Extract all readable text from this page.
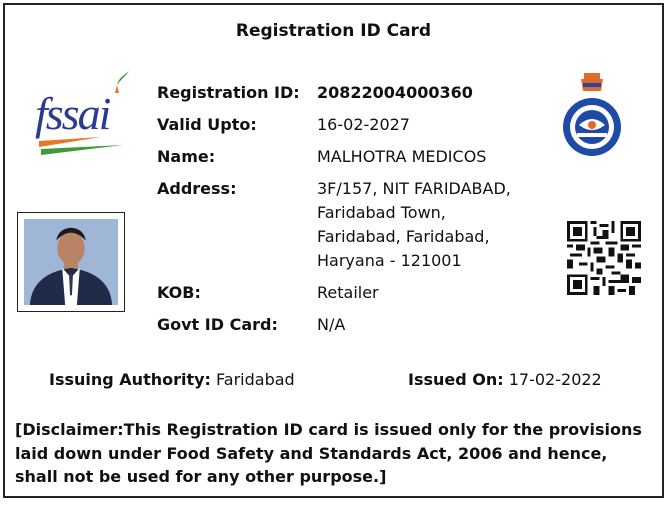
Registration ID Card
fssai	Registration ID:	20822004000360
Valid Upto:	16-02-2027
Name:	MALHOTRA MEDICOS
Address:	3F/157, NIT FARIDABAD,
Faridabad Town,
Faridabad, Faridabad,
Haryana - 121001
KOB:	Retailer
Govt ID Card:	N/A
Issuing Authority: Faridabad	Issued On: 17-02-2022
[Disclaimer:This Registration ID card is issued only for the provisions laid down under Food Safety and Standards Act, 2006 and hence, shall not be used for any other purpose.]
